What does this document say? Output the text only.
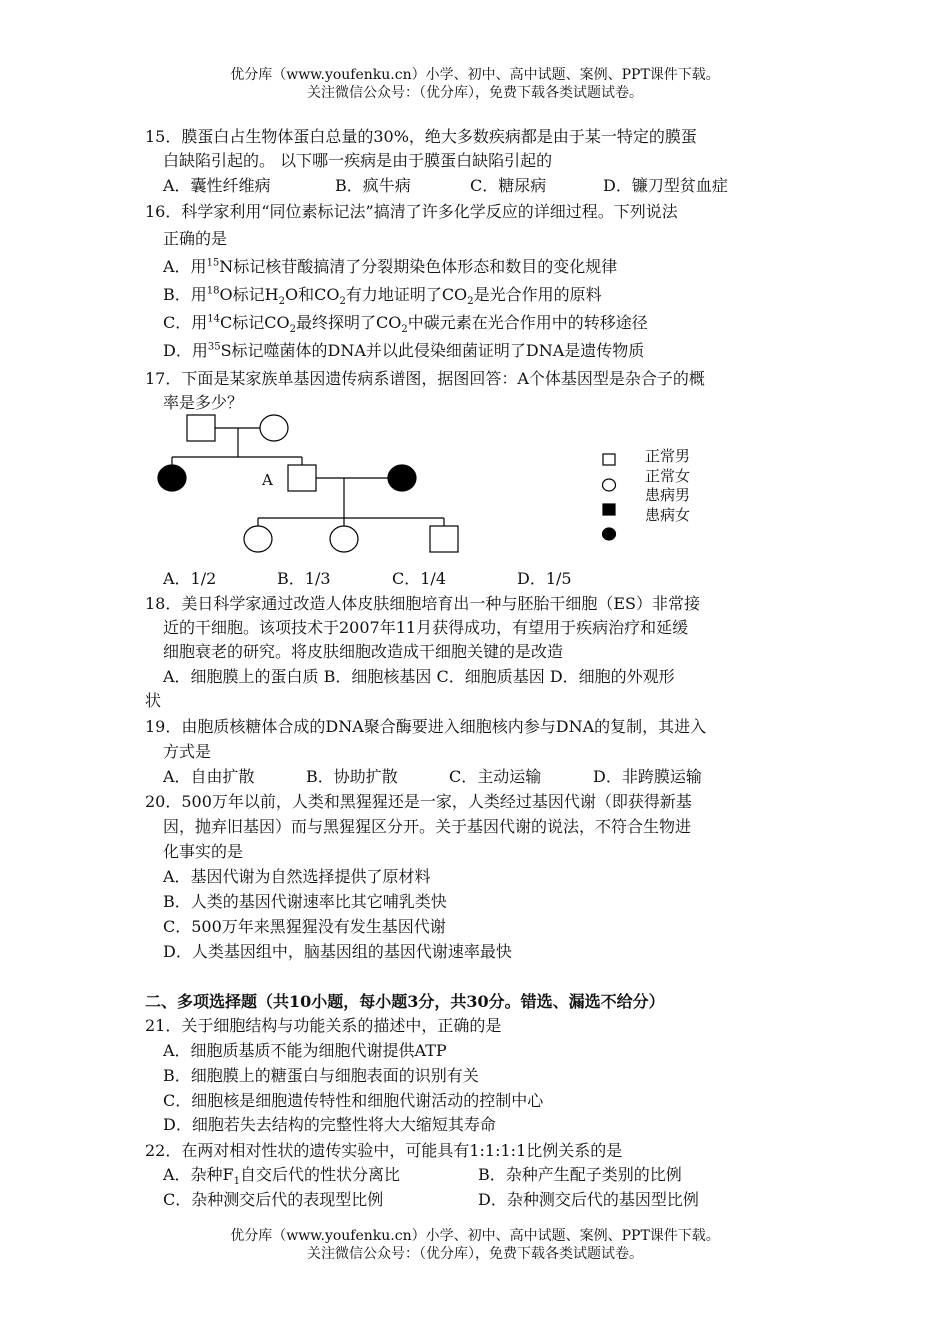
优分库（www.youfenku.cn）小学、初中、高中试题、案例、PPT课件下载。
关注微信公众号：（优分库），免费下载各类试题试卷。
15．膜蛋白占生物体蛋白总量的30%，绝大多数疾病都是由于某一特定的膜蛋
白缺陷引起的。 以下哪一疾病是由于膜蛋白缺陷引起的
A．囊性纤维病	B．疯牛病	C．糖尿病	D．镰刀型贫血症
16．科学家利用“同位素标记法”搞清了许多化学反应的详细过程。下列说法
正确的是
A．用$^{15}$N标记核苷酸搞清了分裂期染色体形态和数目的变化规律
B．用$^{18}$O标记$H_2O$和$CO_2$有力地证明了$CO_2$是光合作用的原料
C．用$^{14}$C标记$CO_2$最终探明了$CO_2$中碳元素在光合作用中的转移途径
D．用$^{35}$S标记噬菌体的DNA并以此侵染细菌证明了DNA是遗传物质
17．下面是某家族单基因遗传病系谱图，据图回答：A个体基因型是杂合子的概
率是多少？
A
正常男
正常女
患病男
患病女
A．1/2	B．1/3	C．1/4	D．1/5
18．美日科学家通过改造人体皮肤细胞培育出一种与胚胎干细胞（ES）非常接
近的干细胞。该项技术于2007年11月获得成功，有望用于疾病治疗和延缓
细胞衰老的研究。将皮肤细胞改造成干细胞关键的是改造
A．细胞膜上的蛋白质 B．细胞核基因 C．细胞质基因 D．细胞的外观形
状
19．由胞质核糖体合成的DNA聚合酶要进入细胞核内参与DNA的复制，其进入
方式是
A．自由扩散	B．协助扩散	C．主动运输	D．非跨膜运输
20．500万年以前，人类和黑猩猩还是一家，人类经过基因代谢（即获得新基
因，抛弃旧基因）而与黑猩猩区分开。关于基因代谢的说法，不符合生物进
化事实的是
A．基因代谢为自然选择提供了原材料
B．人类的基因代谢速率比其它哺乳类快
C．500万年来黑猩猩没有发生基因代谢
D．人类基因组中，脑基因组的基因代谢速率最快
二、多项选择题（共10小题，每小题3分，共30分。错选、漏选不给分）
21．关于细胞结构与功能关系的描述中，正确的是
A．细胞质基质不能为细胞代谢提供ATP
B．细胞膜上的糖蛋白与细胞表面的识别有关
C．细胞核是细胞遗传特性和细胞代谢活动的控制中心
D．细胞若失去结构的完整性将大大缩短其寿命
22．在两对相对性状的遗传实验中，可能具有1:1:1:1比例关系的是
A．杂种$F_1$自交后代的性状分离比	B．杂种产生配子类别的比例
C．杂种测交后代的表现型比例	D．杂种测交后代的基因型比例
优分库（www.youfenku.cn）小学、初中、高中试题、案例、PPT课件下载。
关注微信公众号：（优分库），免费下载各类试题试卷。
